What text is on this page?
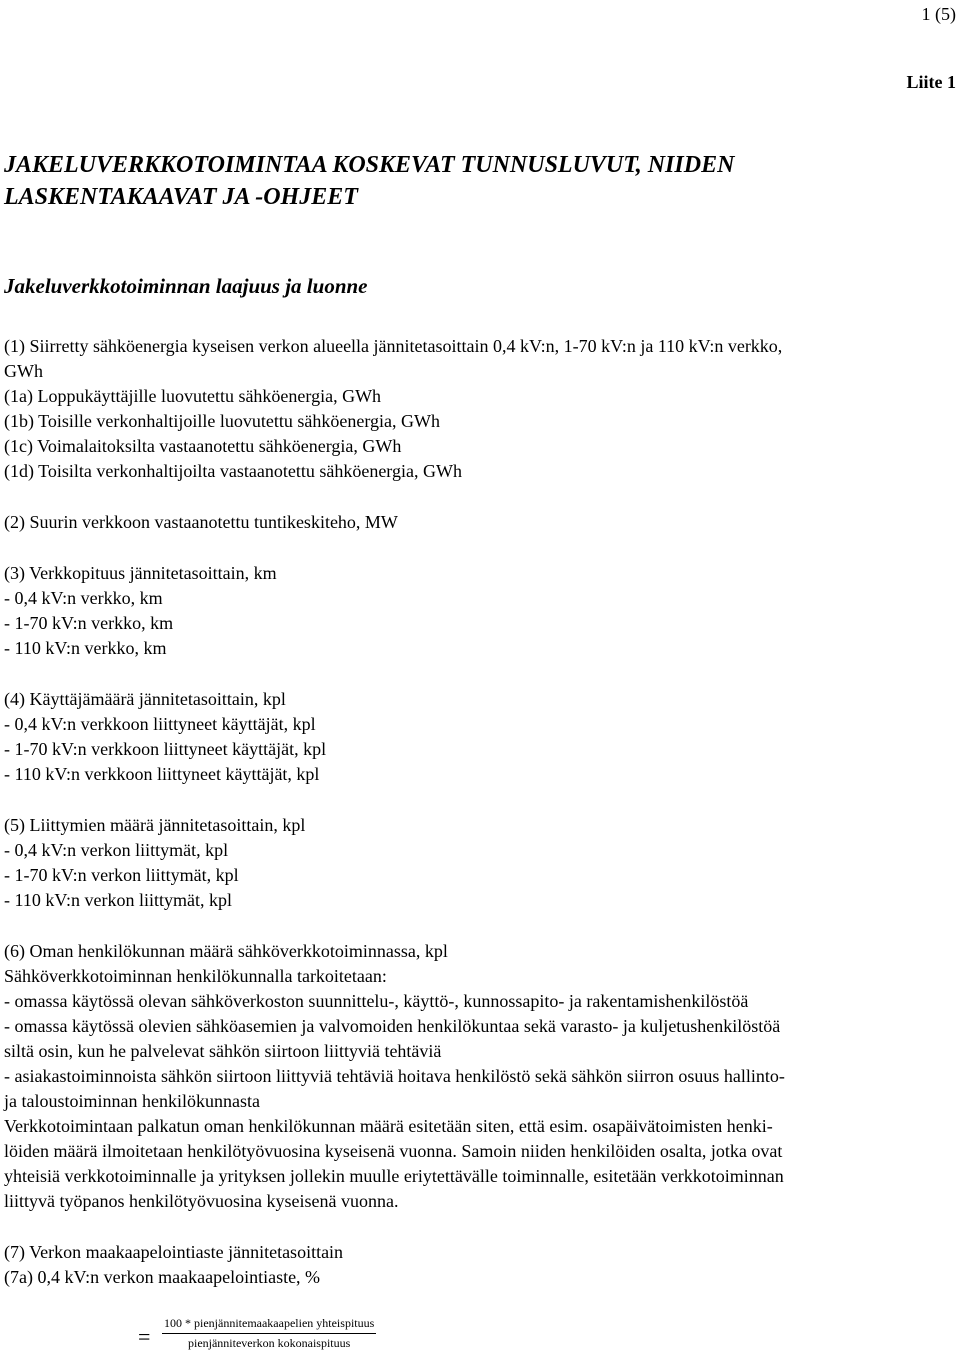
1 (5)
Liite 1
JAKELUVERKKOTOIMINTAA KOSKEVAT TUNNUSLUVUT, NIIDEN
LASKENTAKAAVAT JA -OHJEET
Jakeluverkkotoiminnan laajuus ja luonne
(1) Siirretty sähköenergia kyseisen verkon alueella jännitetasoittain 0,4 kV:n, 1-70 kV:n ja 110 kV:n verkko,
GWh
(1a) Loppukäyttäjille luovutettu sähköenergia, GWh
(1b) Toisille verkonhaltijoille luovutettu sähköenergia, GWh
(1c) Voimalaitoksilta vastaanotettu sähköenergia, GWh
(1d) Toisilta verkonhaltijoilta vastaanotettu sähköenergia, GWh
(2) Suurin verkkoon vastaanotettu tuntikeskiteho, MW
(3) Verkkopituus jännitetasoittain, km
- 0,4 kV:n verkko, km
- 1-70 kV:n verkko, km
- 110 kV:n verkko, km
(4) Käyttäjämäärä jännitetasoittain, kpl
- 0,4 kV:n verkkoon liittyneet käyttäjät, kpl
- 1-70 kV:n verkkoon liittyneet käyttäjät, kpl
- 110 kV:n verkkoon liittyneet käyttäjät, kpl
(5) Liittymien määrä jännitetasoittain, kpl
- 0,4 kV:n verkon liittymät, kpl
- 1-70 kV:n verkon liittymät, kpl
- 110 kV:n verkon liittymät, kpl
(6) Oman henkilökunnan määrä sähköverkkotoiminnassa, kpl
Sähköverkkotoiminnan henkilökunnalla tarkoitetaan:
- omassa käytössä olevan sähköverkoston suunnittelu-, käyttö-, kunnossapito- ja rakentamishenkilöstöä
- omassa käytössä olevien sähköasemien ja valvomoiden henkilökuntaa sekä varasto- ja kuljetushenkilöstöä
siltä osin, kun he palvelevat sähkön siirtoon liittyviä tehtäviä
- asiakastoiminnoista sähkön siirtoon liittyviä tehtäviä hoitava henkilöstö sekä sähkön siirron osuus hallinto-
ja taloustoiminnan henkilökunnasta
Verkkotoimintaan palkatun oman henkilökunnan määrä esitetään siten, että esim. osapäivätoimisten henki-
löiden määrä ilmoitetaan henkilötyövuosina kyseisenä vuonna. Samoin niiden henkilöiden osalta, jotka ovat
yhteisiä verkkotoiminnalle ja yrityksen jollekin muulle eriytettävälle toiminnalle, esitetään verkkotoiminnan
liittyvä työpanos henkilötyövuosina kyseisenä vuonna.
(7) Verkon maakaapelointiaste jännitetasoittain
(7a) 0,4 kV:n verkon maakaapelointiaste, %
=
100 * pienjännitemaakaapelien yhteispituus
pienjänniteverkon kokonaispituus
